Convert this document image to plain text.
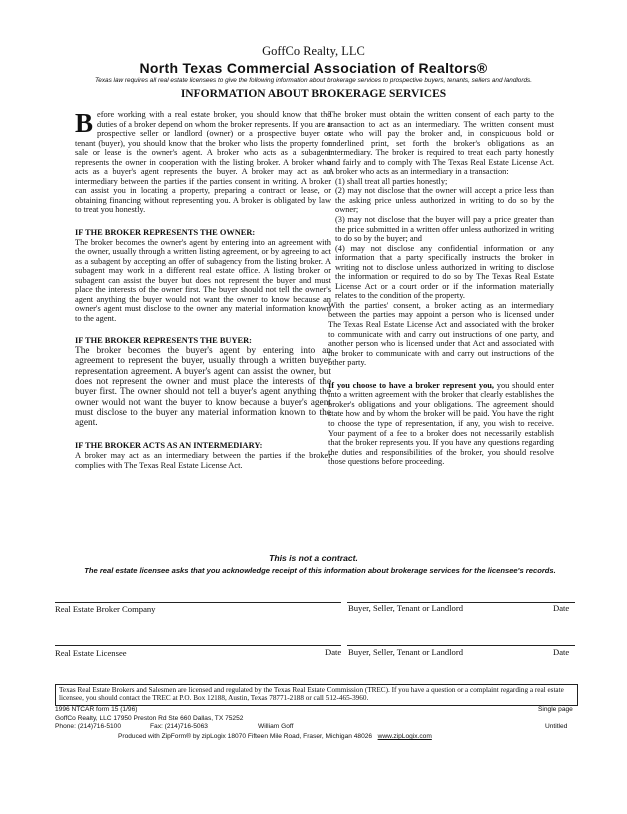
GoffCo Realty, LLC
North Texas Commercial Association of Realtors®
Texas law requires all real estate licensees to give the following information about brokerage services to prospective buyers, tenants, sellers and landlords.
INFORMATION ABOUT BROKERAGE SERVICES

Before working with a real estate broker, you should know that the duties of a broker depend on whom the broker represents. If you are a prospective seller or landlord (owner) or a prospective buyer or tenant (buyer), you should know that the broker who lists the property for sale or lease is the owner's agent. A broker who acts as a subagent represents the owner in cooperation with the listing broker. A broker who acts as a buyer's agent represents the buyer. A broker may act as an intermediary between the parties if the parties consent in writing. A broker can assist you in locating a property, preparing a contract or lease, or obtaining financing without representing you. A broker is obligated by law to treat you honestly.

IF THE BROKER REPRESENTS THE OWNER:

The broker becomes the owner's agent by entering into an agreement with the owner, usually through a written listing agreement, or by agreeing to act as a subagent by accepting an offer of subagency from the listing broker. A subagent may work in a different real estate office. A listing broker or subagent can assist the buyer but does not represent the buyer and must place the interests of the owner first. The buyer should not tell the owner's agent anything the buyer would not want the owner to know because an owner's agent must disclose to the owner any material information known to the agent.

IF THE BROKER REPRESENTS THE BUYER:

The broker becomes the buyer's agent by entering into an agreement to represent the buyer, usually through a written buyer representation agreement. A buyer's agent can assist the owner, but does not represent the owner and must place the interests of the buyer first. The owner should not tell a buyer's agent anything the owner would not want the buyer to know because a buyer's agent must disclose to the buyer any material information known to the agent.

IF THE BROKER ACTS AS AN INTERMEDIARY:

A broker may act as an intermediary between the parties if the broker complies with The Texas Real Estate License Act.

The broker must obtain the written consent of each party to the transaction to act as an intermediary. The written consent must state who will pay the broker and, in conspicuous bold or underlined print, set forth the broker's obligations as an intermediary. The broker is required to treat each party honestly and fairly and to comply with The Texas Real Estate License Act. A broker who acts as an intermediary in a transaction:

(1) shall treat all parties honestly;

(2) may not disclose that the owner will accept a price less than the asking price unless authorized in writing to do so by the owner;

(3) may not disclose that the buyer will pay a price greater than the price submitted in a written offer unless authorized in writing to do so by the buyer; and

(4) may not disclose any confidential information or any information that a party specifically instructs the broker in writing not to disclose unless authorized in writing to disclose the information or required to do so by The Texas Real Estate License Act or a court order or if the information materially relates to the condition of the property.

With the parties' consent, a broker acting as an intermediary between the parties may appoint a person who is licensed under The Texas Real Estate License Act and associated with the broker to communicate with and carry out instructions of one party, and another person who is licensed under that Act and associated with the broker to communicate with and carry out instructions of the other party.

If you choose to have a broker represent you, you should enter into a written agreement with the broker that clearly establishes the broker's obligations and your obligations. The agreement should state how and by whom the broker will be paid. You have the right to choose the type of representation, if any, you wish to receive. Your payment of a fee to a broker does not necessarily establish that the broker represents you. If you have any questions regarding the duties and responsibilities of the broker, you should resolve those questions before proceeding.

This is not a contract.
The real estate licensee asks that you acknowledge receipt of this information about brokerage services for the licensee's records.
Real Estate Broker Company	Buyer, Seller, Tenant or Landlord	Date
Real Estate Licensee	Date Buyer, Seller, Tenant or Landlord	Date
Texas Real Estate Brokers and Salesmen are licensed and regulated by the Texas Real Estate Commission (TREC). If you have a question or a complaint regarding a real estate licensee, you should contact the TREC at P.O. Box 12188, Austin, Texas 78771-2188 or call 512-465-3960.
1996 NTCAR form 15 (1/96)	Single page
GoffCo Realty, LLC 17950 Preston Rd Ste 660 Dallas, TX 75252
Phone: (214)716-5100	Fax: (214)716-5063	William Goff	Untitled
Produced with ZipForm® by zipLogix 18070 Fifteen Mile Road, Fraser, Michigan 48026 www.zipLogix.com
